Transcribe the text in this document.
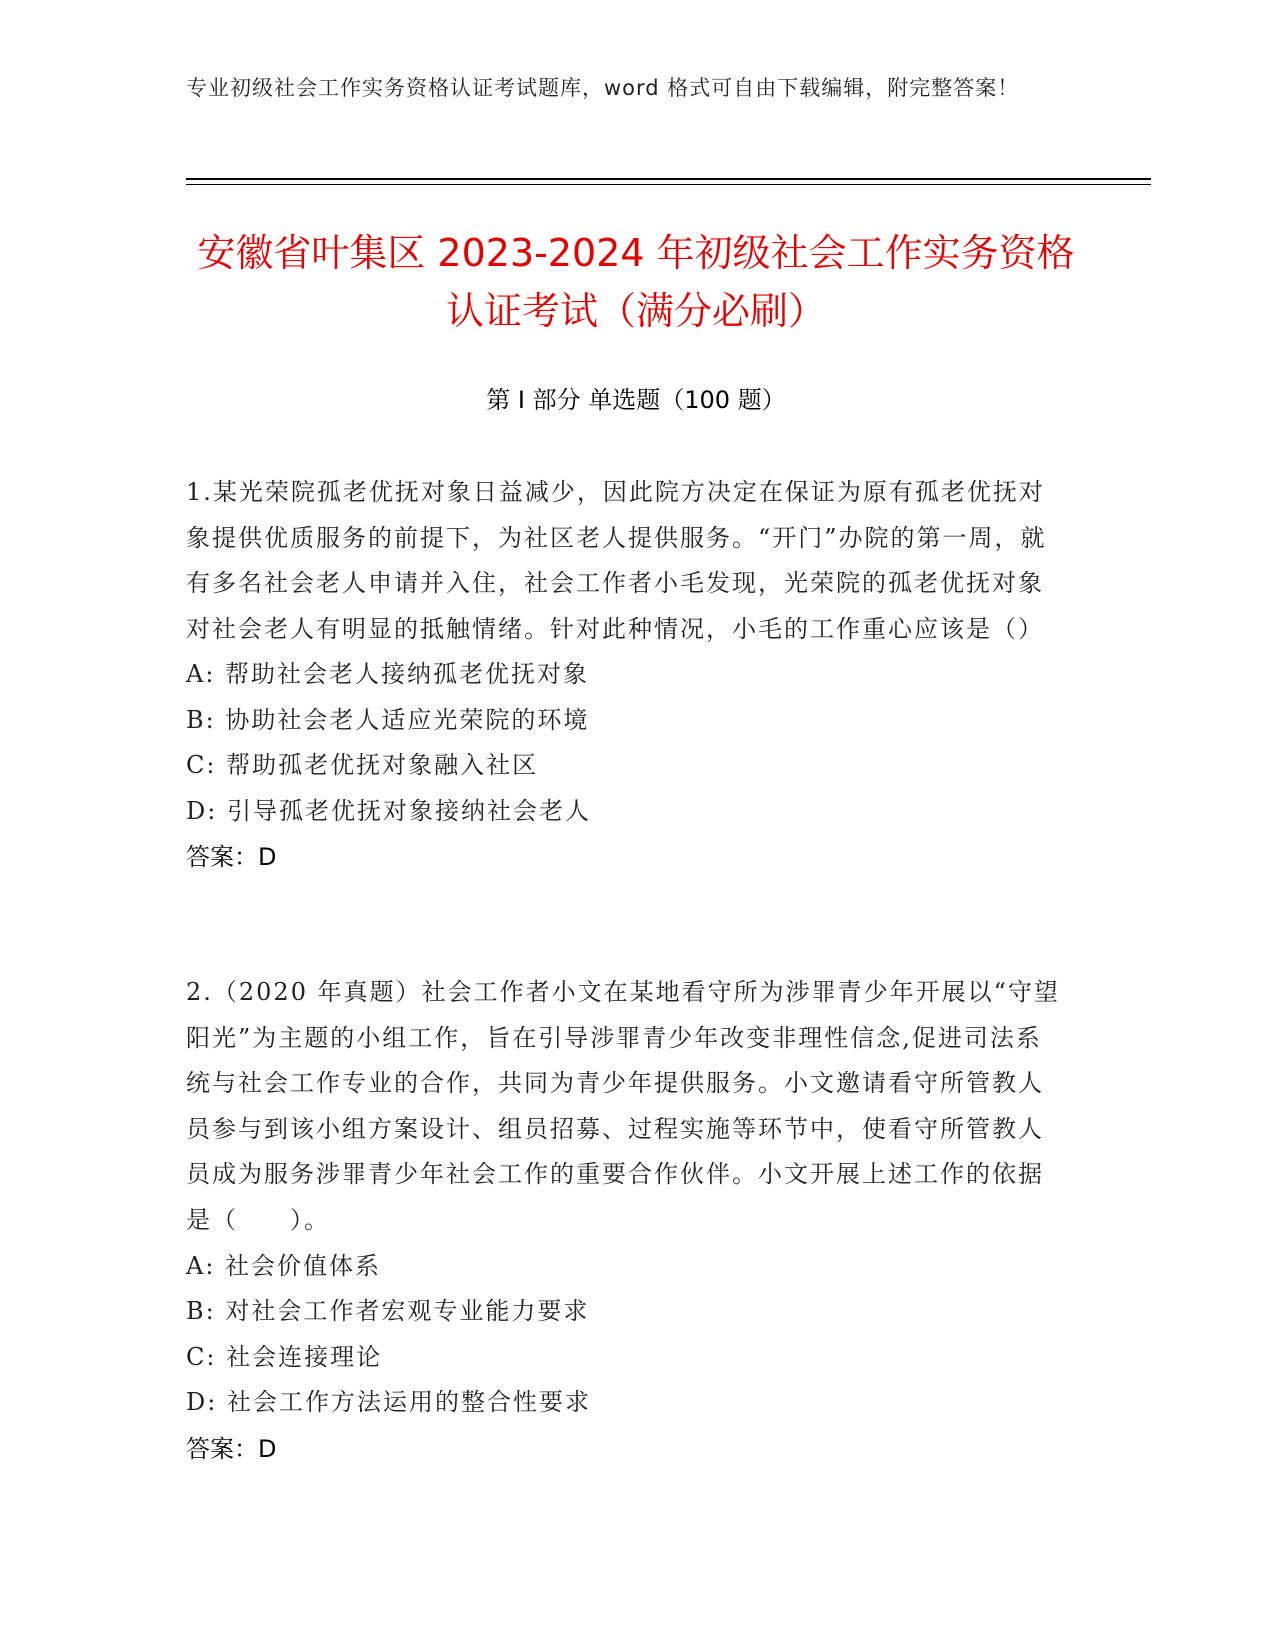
专业初级社会工作实务资格认证考试题库，word 格式可自由下载编辑，附完整答案！
安徽省叶集区 2023-2024 年初级社会工作实务资格认证考试（满分必刷）
第 I 部分 单选题（100 题）
1.某光荣院孤老优抚对象日益减少，因此院方决定在保证为原有孤老优抚对象提供优质服务的前提下，为社区老人提供服务。“开门”办院的第一周，就有多名社会老人申请并入住，社会工作者小毛发现，光荣院的孤老优抚对象对社会老人有明显的抵触情绪。针对此种情况，小毛的工作重心应该是（）
A: 帮助社会老人接纳孤老优抚对象
B: 协助社会老人适应光荣院的环境
C: 帮助孤老优抚对象融入社区
D: 引导孤老优抚对象接纳社会老人
答案：D
2.（2020 年真题）社会工作者小文在某地看守所为涉罪青少年开展以“守望阳光”为主题的小组工作，旨在引导涉罪青少年改变非理性信念,促进司法系统与社会工作专业的合作，共同为青少年提供服务。小文邀请看守所管教人员参与到该小组方案设计、组员招募、过程实施等环节中，使看守所管教人员成为服务涉罪青少年社会工作的重要合作伙伴。小文开展上述工作的依据是（　　）。
A: 社会价值体系
B: 对社会工作者宏观专业能力要求
C: 社会连接理论
D: 社会工作方法运用的整合性要求
答案：D
